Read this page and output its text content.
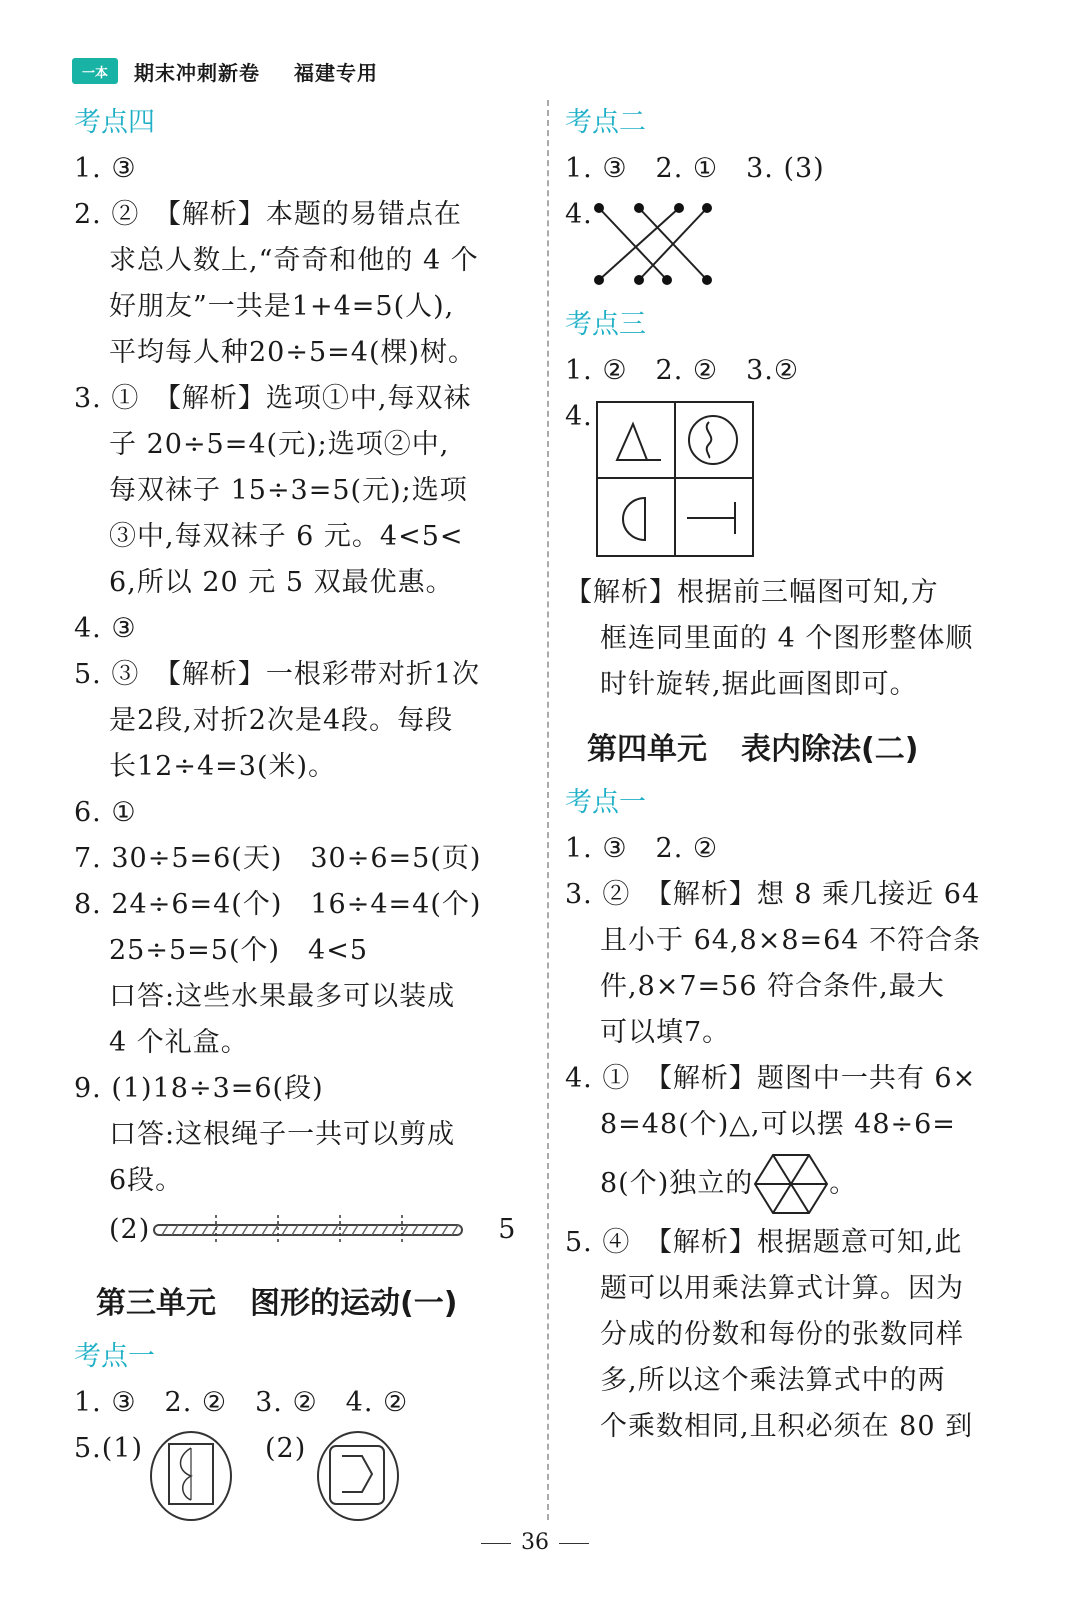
一本	期末冲刺新卷 福建专用
考点四
1. ③
2. ②　【解析】本题的易错点在
求总人数上,“奇奇和他的 4 个
好朋友”一共是1+4=5(人),
平均每人种20÷5=4(棵)树。
3. ①　【解析】选项①中,每双袜
子 20÷5=4(元);选项②中,
每双袜子 15÷3=5(元);选项
③中,每双袜子 6 元。4<5<
6,所以 20 元 5 双最优惠。
4. ③
5. ③　【解析】一根彩带对折1次
是2段,对折2次是4段。每段
长12÷4=3(米)。
6. ①
7. 30÷5=6(天)　30÷6=5(页)
8. 24÷6=4(个)　16÷4=4(个)
25÷5=5(个)　4<5
口答:这些水果最多可以装成
4 个礼盒。
9. (1)18÷3=6(段)
口答:这根绳子一共可以剪成
6段。
(2)	5
第三单元 图形的运动(一)
考点一
1. ③　2. ②　3. ②　4. ②
5.(1)	(2)
考点二
1. ③　2. ①　3. (3)
4.
考点三
1. ②　2. ②　3.②
4.
【解析】根据前三幅图可知,方
框连同里面的 4 个图形整体顺
时针旋转,据此画图即可。
第四单元 表内除法(二)
考点一
1. ③　2. ②
3. ②　【解析】想 8 乘几接近 64
且小于 64,8×8=64 不符合条
件,8×7=56 符合条件,最大
可以填7。
4. ①　【解析】题图中一共有 6×
8=48(个)△,可以摆 48÷6=
8(个)独立的	。
5. ④　【解析】根据题意可知,此
题可以用乘法算式计算。因为
分成的份数和每份的张数同样
多,所以这个乘法算式中的两
个乘数相同,且积必须在 80 到
36
